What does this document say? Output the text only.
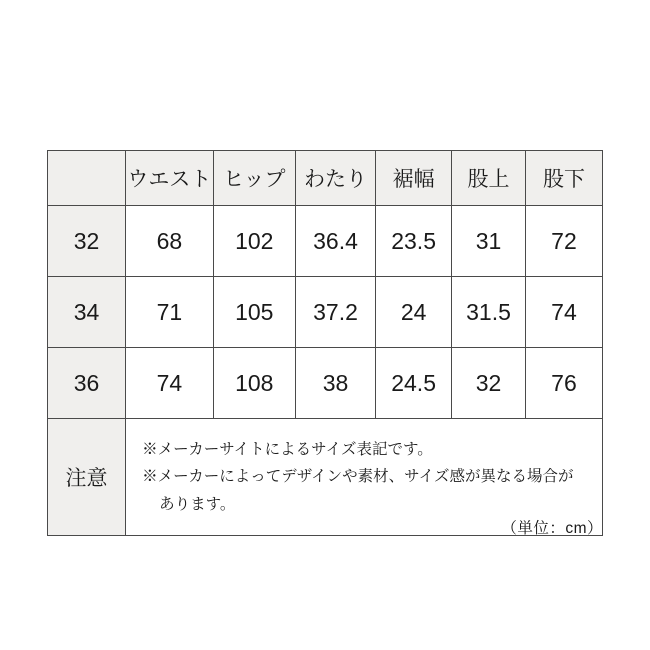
	ウエスト	ヒップ	わたり	裾幅	股上	股下
32	68	102	36.4	23.5	31	72
34	71	105	37.2	24	31.5	74
36	74	108	38	24.5	32	76
注意	※メーカーサイトによるサイズ表記です。
※メーカーによってデザインや素材、サイズ感が異なる場合が
あります。					
（単位：cm）
